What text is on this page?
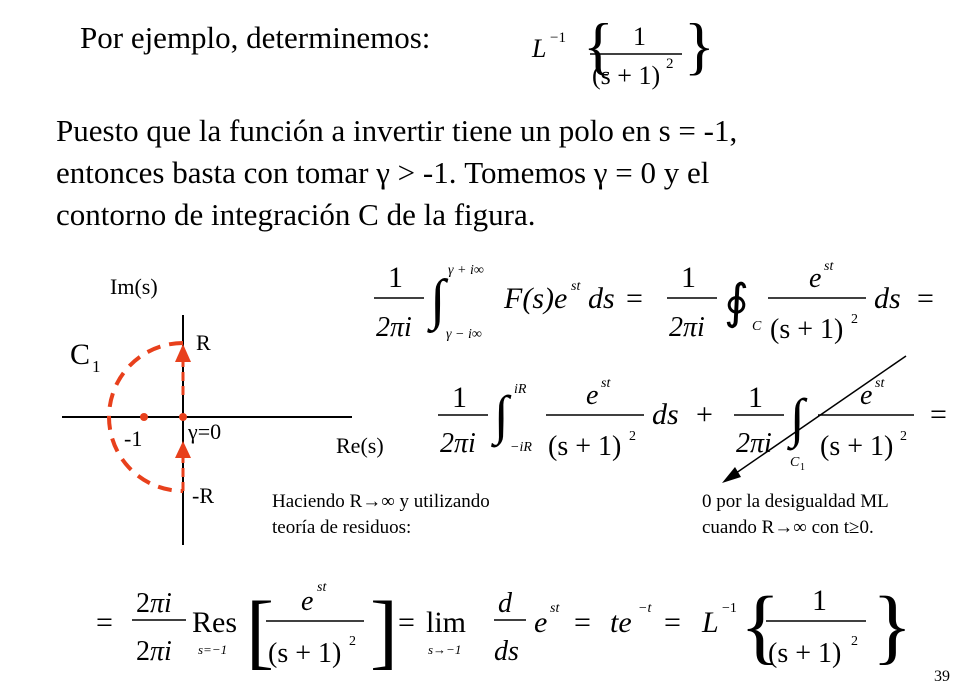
Por ejemplo, determinemos:
Puesto que la función a invertir tiene un polo en s = -1,
entonces basta con tomar γ > -1. Tomemos γ = 0 y el
contorno de integración C de la figura.
Haciendo R→∞ y utilizando
teoría de residuos:
0 por la desigualdad ML
cuando R→∞ con t≥0.
39
L −1 { 1
(s + 1) 2 }
Im(s)
Re(s)
R
-R
-1 γ=0
C 1
1
2πi ∫ γ + i∞
γ − i∞
F(s)e st ds =
1
2πi ∮ C
e st
(s + 1) 2
ds =
1
2πi ∫ iR
−iR
e st
(s + 1) 2
ds +
1
2πi ∫
C 1
e st
(s + 1) 2
=
=
2πi
2πi
Res
s=−1 [ e st
(s + 1) 2 ] = lim
s→−1
d
ds
e st = te −t = L −1 { 1
(s + 1) 2 }
